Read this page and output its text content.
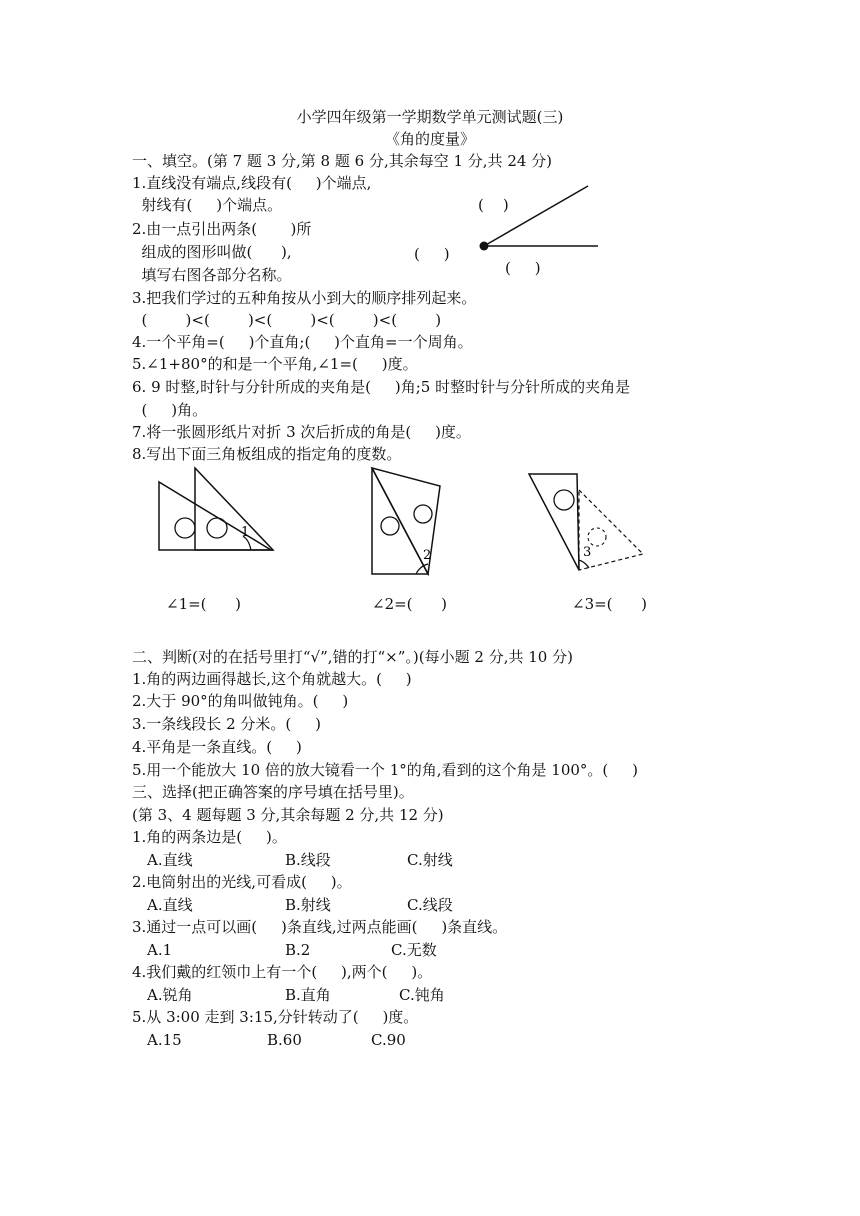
小学四年级第一学期数学单元测试题(三)
《角的度量》
一、填空。(第 7 题 3 分,第 8 题 6 分,其余每空 1 分,共 24 分)
1.直线没有端点,线段有(     )个端点,
射线有(     )个端点。
2.由一点引出两条(       )所
组成的图形叫做(      ),
填写右图各部分名称。
(    )
(     )
(     )
3.把我们学过的五种角按从小到大的顺序排列起来。
(        )<(        )<(        )<(        )<(        )
4.一个平角=(     )个直角;(     )个直角=一个周角。
5.∠1+80°的和是一个平角,∠1=(     )度。
6. 9 时整,时针与分针所成的夹角是(     )角;5 时整时针与分针所成的夹角是
(     )角。
7.将一张圆形纸片对折 3 次后折成的角是(     )度。
8.写出下面三角板组成的指定角的度数。
1
2	3
∠1=(      )	∠2=(      )	∠3=(      )
二、判断(对的在括号里打“√”,错的打“×”。)(每小题 2 分,共 10 分)
1.角的两边画得越长,这个角就越大。(     )
2.大于 90°的角叫做钝角。(     )
3.一条线段长 2 分米。(     )
4.平角是一条直线。(     )
5.用一个能放大 10 倍的放大镜看一个 1°的角,看到的这个角是 100°。(     )
三、选择(把正确答案的序号填在括号里)。
(第 3、4 题每题 3 分,其余每题 2 分,共 12 分)
1.角的两条边是(     )。
A.直线	B.线段	C.射线
2.电筒射出的光线,可看成(     )。
A.直线	B.射线	C.线段
3.通过一点可以画(     )条直线,过两点能画(     )条直线。
A.1	B.2	C.无数
4.我们戴的红领巾上有一个(     ),两个(     )。
A.锐角	B.直角	C.钝角
5.从 3:00 走到 3:15,分针转动了(     )度。
A.15	B.60	C.90
